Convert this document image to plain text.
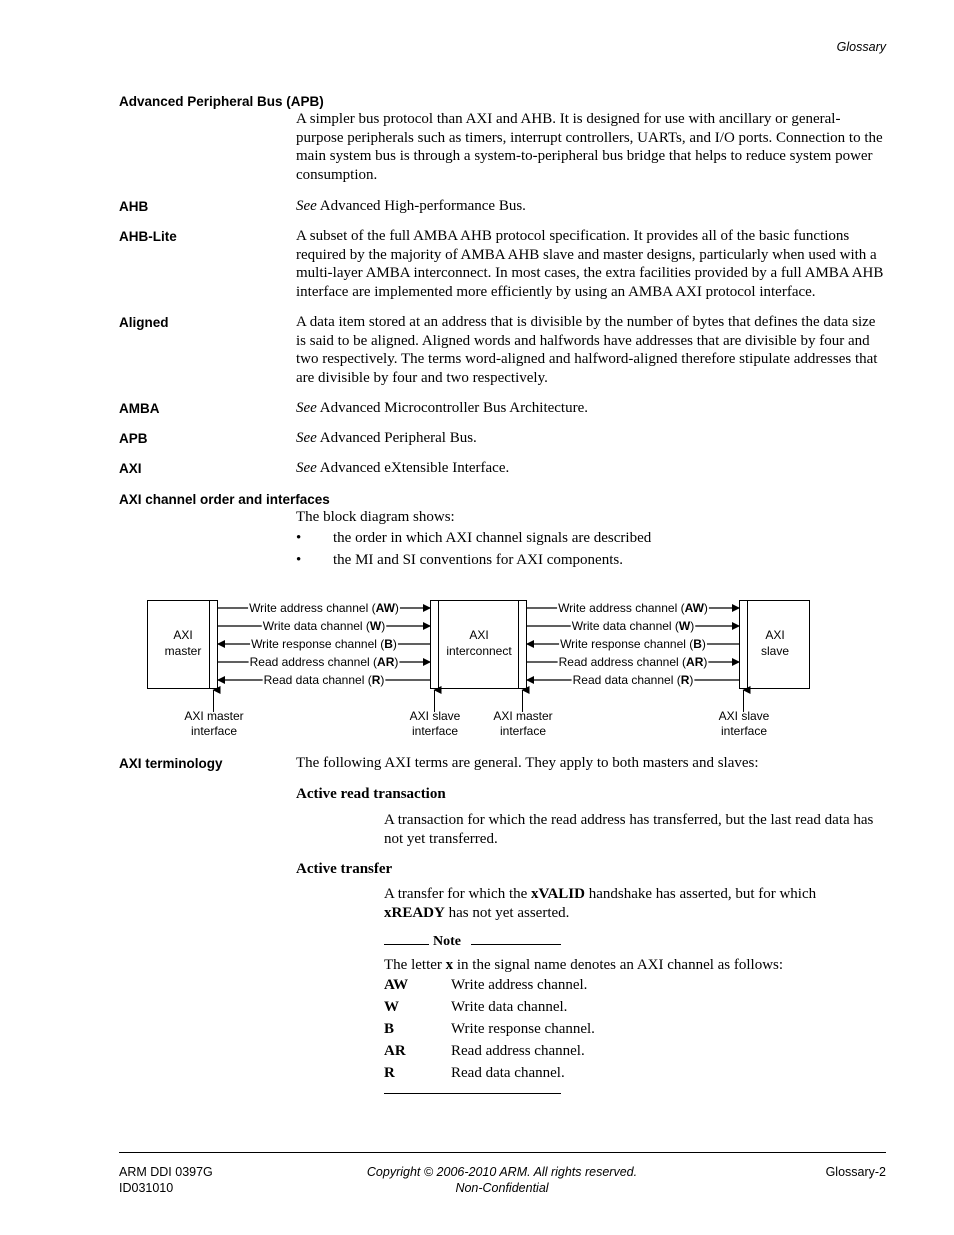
Glossary
Advanced Peripheral Bus (APB)
A simpler bus protocol than AXI and AHB. It is designed for use with ancillary or general-purpose peripherals such as timers, interrupt controllers, UARTs, and I/O ports. Connection to the main system bus is through a system-to-peripheral bus bridge that helps to reduce system power consumption.
AHB	See Advanced High-performance Bus.
AHB-Lite	A subset of the full AMBA AHB protocol specification. It provides all of the basic functions required by the majority of AMBA AHB slave and master designs, particularly when used with a multi-layer AMBA interconnect. In most cases, the extra facilities provided by a full AMBA AHB interface are implemented more efficiently by using an AMBA AXI protocol interface.
Aligned	A data item stored at an address that is divisible by the number of bytes that defines the data size is said to be aligned. Aligned words and halfwords have addresses that are divisible by four and two respectively. The terms word-aligned and halfword-aligned therefore stipulate addresses that are divisible by four and two respectively.
AMBA	See Advanced Microcontroller Bus Architecture.
APB	See Advanced Peripheral Bus.
AXI	See Advanced eXtensible Interface.
AXI channel order and interfaces
The block diagram shows:
• the order in which AXI channel signals are described
• the MI and SI conventions for AXI components.
AXI
master
AXI
interconnect
AXI
slave
Write address channel (AW)
Write data channel (W)
Write response channel (B)
Read address channel (AR)
Read data channel (R)
Write address channel (AW)
Write data channel (W)
Write response channel (B)
Read address channel (AR)
Read data channel (R)
AXI master
interface
AXI slave
interface
AXI master
interface
AXI slave
interface
AXI terminology	The following AXI terms are general. They apply to both masters and slaves:
Active read transaction
A transaction for which the read address has transferred, but the last read data has not yet transferred.
Active transfer
A transfer for which the xVALID handshake has asserted, but for which xREADY has not yet asserted.
Note
The letter x in the signal name denotes an AXI channel as follows:
AW	Write address channel.
W	Write data channel.
B	Write response channel.
AR	Read address channel.
R	Read data channel.
ARM DDI 0397G
ID031010
Copyright © 2006-2010 ARM. All rights reserved.
Non-Confidential
Glossary-2
